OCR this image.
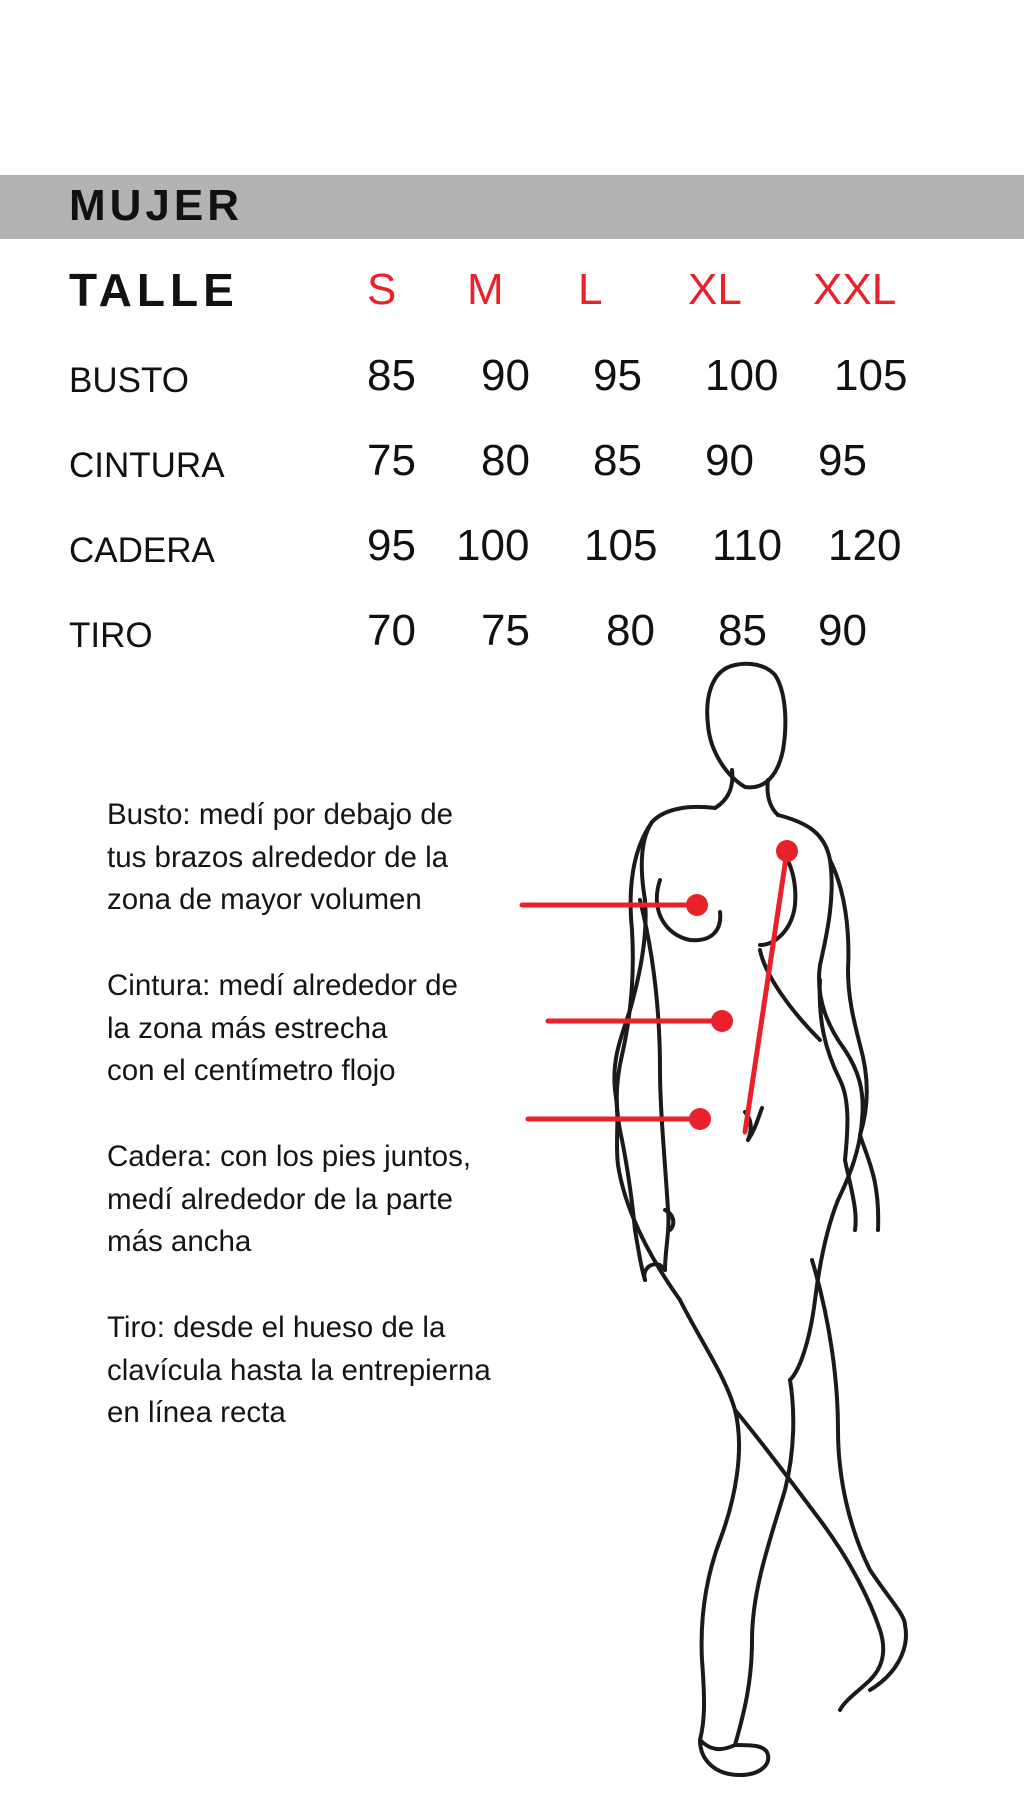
MUJER
TALLE	S M L XL XXL
BUSTO	85 90 95 100 105
CINTURA	75 80 85 90 95
CADERA	95 100 105 110 120
TIRO	70 75 80 85 90

Busto: medí por debajo de

tus brazos alrededor de la

zona de mayor volumen

Cintura: medí alrededor de

la zona más estrecha

con el centímetro flojo

Cadera: con los pies juntos,

medí alrededor de la parte

más ancha

Tiro: desde el hueso de la

clavícula hasta la entrepierna

en línea recta
